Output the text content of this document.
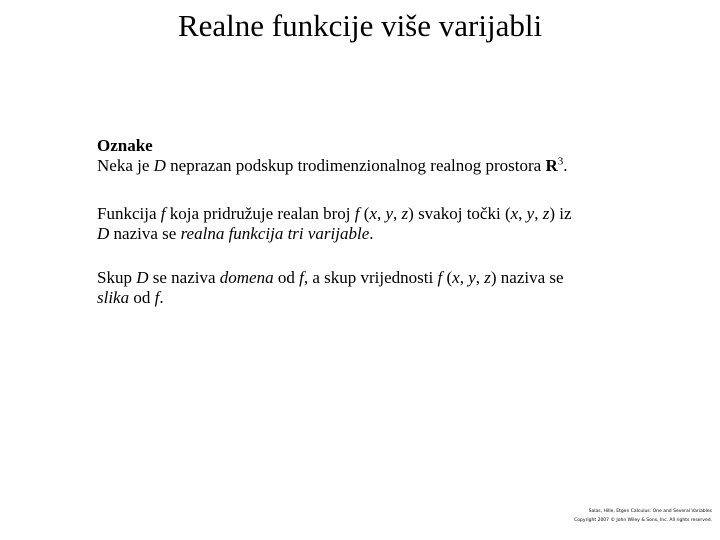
Realne funkcije više varijabli

Oznake
Neka je D neprazan podskup trodimenzionalnog realnog prostora $R^3$.

Funkcija f koja pridružuje realan broj f (x, y, z) svakoj točki (x, y, z) iz
D naziva se realna funkcija tri varijable.

Skup D se naziva domena od f, a skup vrijednosti f (x, y, z) naziva se
slika od f.

Salas, Hille, Etgen Calculus: One and Several Variables
Copyright 2007 © John Wiley & Sons, Inc. All rights reserved.
